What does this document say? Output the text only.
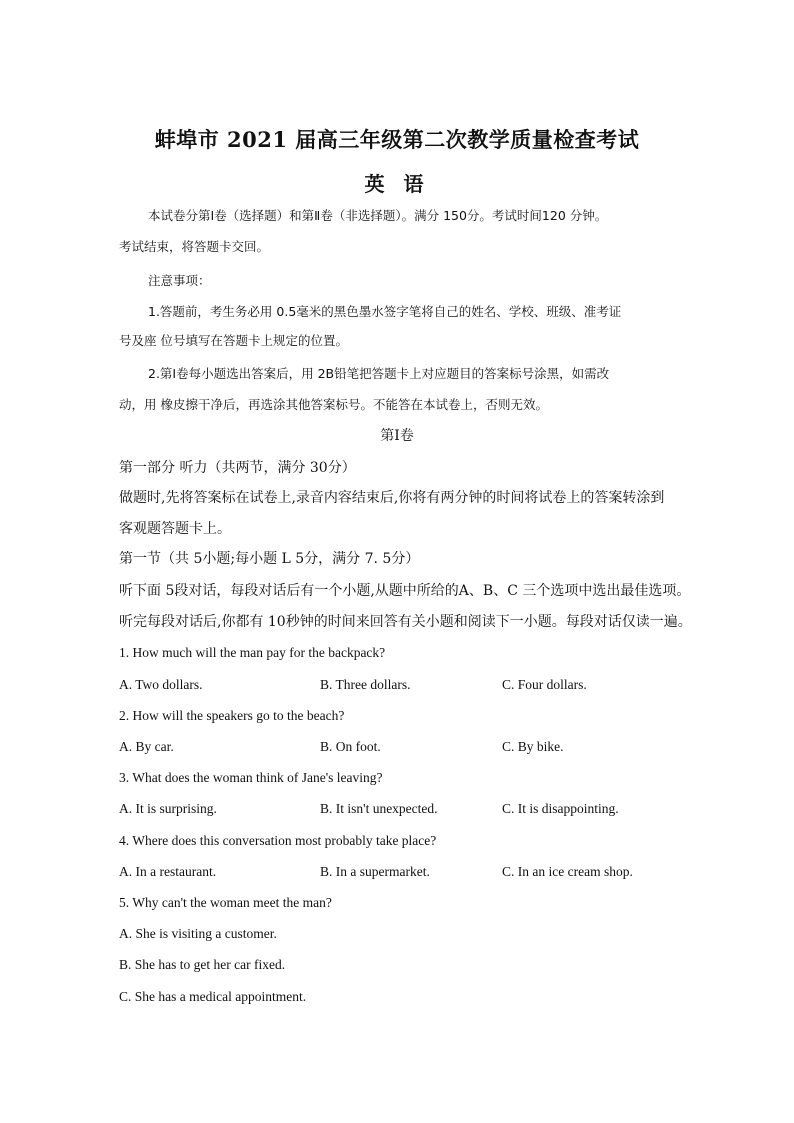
蚌埠市 2021 届高三年级第二次教学质量检查考试
英 语
本试卷分第Ⅰ卷（选择题）和第Ⅱ卷（非选择题）。满分 150分。考试时间120 分钟。
考试结束，将答题卡交回。
注意事项：
1.答题前，考生务必用 0.5毫米的黑色墨水签字笔将自己的姓名、学校、班级、准考证
号及座 位号填写在答题卡上规定的位置。
2.第Ⅰ卷每小题选出答案后，用 2B铅笔把答题卡上对应题目的答案标号涂黑，如需改
动，用 橡皮擦干净后，再选涂其他答案标号。不能答在本试卷上，否则无效。
第Ⅰ卷
第一部分 听力（共两节，满分 30分）
做题时,先将答案标在试卷上,录音内容结束后,你将有两分钟的时间将试卷上的答案转涂到
客观题答题卡上。
第一节（共 5小题;每小题 L 5分，满分 7. 5分）
听下面 5段对话，每段对话后有一个小题,从题中所给的A、B、C 三个选项中选出最佳选项。
听完每段对话后,你都有 10秒钟的时间来回答有关小题和阅读下一小题。每段对话仅读一遍。
1. How much will the man pay for the backpack?
A. Two dollars.	B. Three dollars.	C. Four dollars.
2. How will the speakers go to the beach?
A. By car.	B. On foot.	C. By bike.
3. What does the woman think of Jane's leaving?
A. It is surprising.	B. It isn't unexpected.	C. It is disappointing.
4. Where does this conversation most probably take place?
A. In a restaurant.	B. In a supermarket.	C. In an ice cream shop.
5. Why can't the woman meet the man?
A. She is visiting a customer.
B. She has to get her car fixed.
C. She has a medical appointment.
